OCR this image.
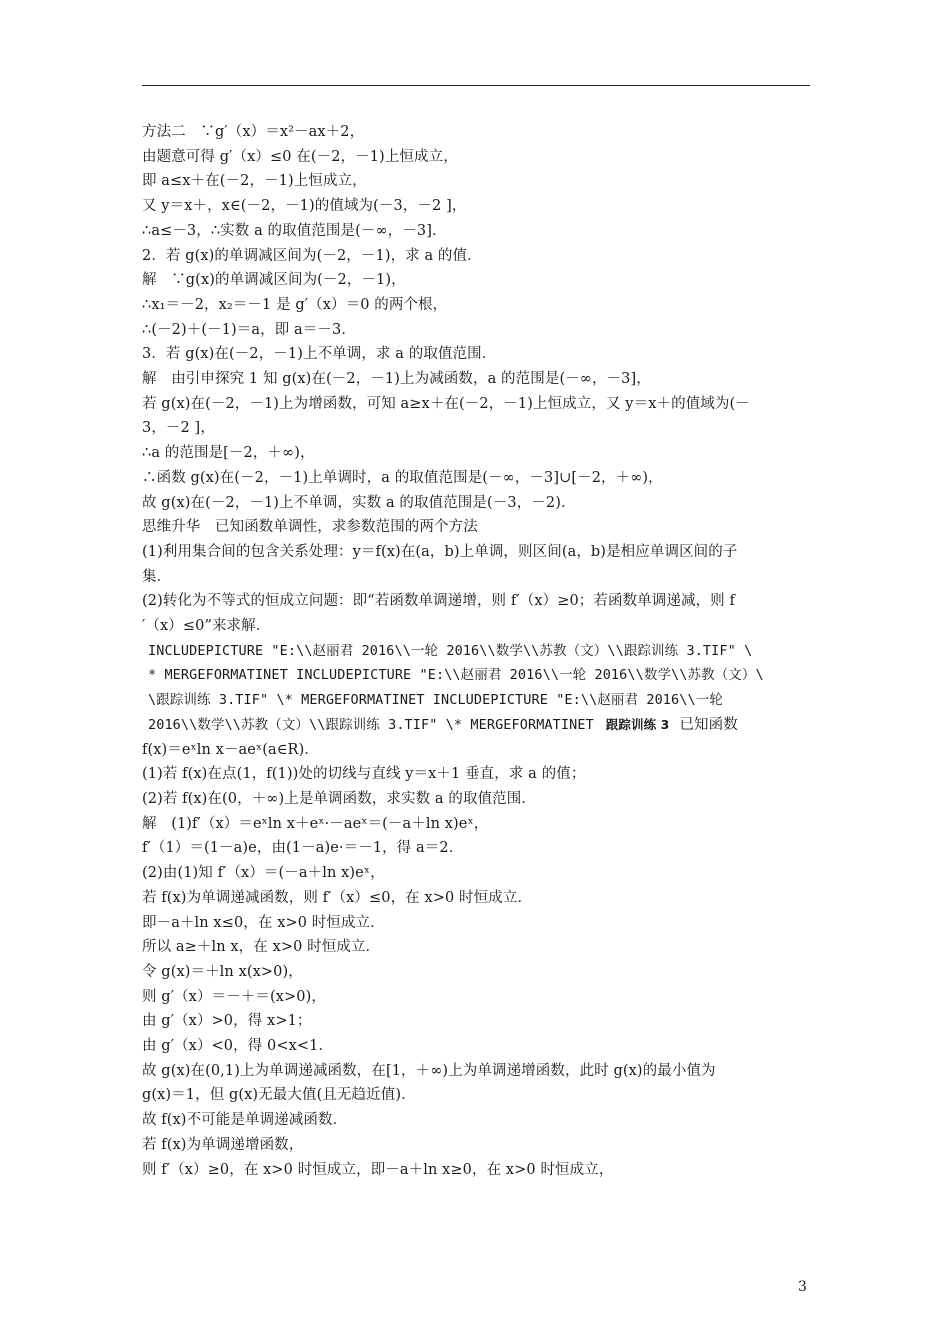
方法二　∵g′（x）＝x²－ax＋2，
由题意可得 g′（x）≤0 在(－2，－1)上恒成立，
即 a≤x＋在(－2，－1)上恒成立，
又 y＝x＋，x∈(－2，－1)的值域为(－3，－2 ]，
∴a≤－3，∴实数 a 的取值范围是(－∞，－3]．
2．若 g(x)的单调减区间为(－2，－1)，求 a 的值．
解　∵g(x)的单调减区间为(－2，－1)，
∴x₁＝－2，x₂＝－1 是 g′（x）＝0 的两个根，
∴(－2)＋(－1)＝a，即 a＝－3．
3．若 g(x)在(－2，－1)上不单调，求 a 的取值范围．
解　由引申探究 1 知 g(x)在(－2，－1)上为减函数，a 的范围是(－∞，－3]，
若 g(x)在(－2，－1)上为增函数，可知 a≥x＋在(－2，－1)上恒成立，又 y＝x＋的值域为(－
3，－2 ]，
∴a 的范围是[－2，＋∞)，
∴函数 g(x)在(－2，－1)上单调时，a 的取值范围是(－∞，－3]∪[－2，＋∞)，
故 g(x)在(－2，－1)上不单调，实数 a 的取值范围是(－3，－2)．
思维升华　已知函数单调性，求参数范围的两个方法
(1)利用集合间的包含关系处理：y＝f(x)在(a，b)上单调，则区间(a，b)是相应单调区间的子
集．
(2)转化为不等式的恒成立问题：即“若函数单调递增，则 f′（x）≥0；若函数单调递减，则 f
′（x）≤0”来求解．
INCLUDEPICTURE "E:\\赵丽君 2016\\一轮 2016\\数学\\苏教（文）\\跟踪训练 3.TIF" \
* MERGEFORMATINET INCLUDEPICTURE "E:\\赵丽君 2016\\一轮 2016\\数学\\苏教（文）\
\跟踪训练 3.TIF" \* MERGEFORMATINET INCLUDEPICTURE "E:\\赵丽君 2016\\一轮
2016\\数学\\苏教（文）\\跟踪训练 3.TIF" \* MERGEFORMATINET 跟踪训练 3 已知函数
f(x)＝eˣln x－aeˣ(a∈R)．
(1)若 f(x)在点(1，f(1))处的切线与直线 y＝x＋1 垂直，求 a 的值；
(2)若 f(x)在(0，＋∞)上是单调函数，求实数 a 的取值范围．
解　(1)f′（x）＝eˣln x＋eˣ·－aeˣ＝(－a＋ln x)eˣ，
f′（1）＝(1－a)e，由(1－a)e·＝－1，得 a＝2．
(2)由(1)知 f′（x）＝(－a＋ln x)eˣ，
若 f(x)为单调递减函数，则 f′（x）≤0，在 x>0 时恒成立．
即－a＋ln x≤0，在 x>0 时恒成立．
所以 a≥＋ln x，在 x>0 时恒成立．
令 g(x)＝＋ln x(x>0)，
则 g′（x）＝－＋＝(x>0)，
由 g′（x）>0，得 x>1；
由 g′（x）<0，得 0<x<1．
故 g(x)在(0,1)上为单调递减函数，在[1，＋∞)上为单调递增函数，此时 g(x)的最小值为
g(x)＝1，但 g(x)无最大值(且无趋近值)．
故 f(x)不可能是单调递减函数．
若 f(x)为单调递增函数，
则 f′（x）≥0，在 x>0 时恒成立，即－a＋ln x≥0，在 x>0 时恒成立，
3
